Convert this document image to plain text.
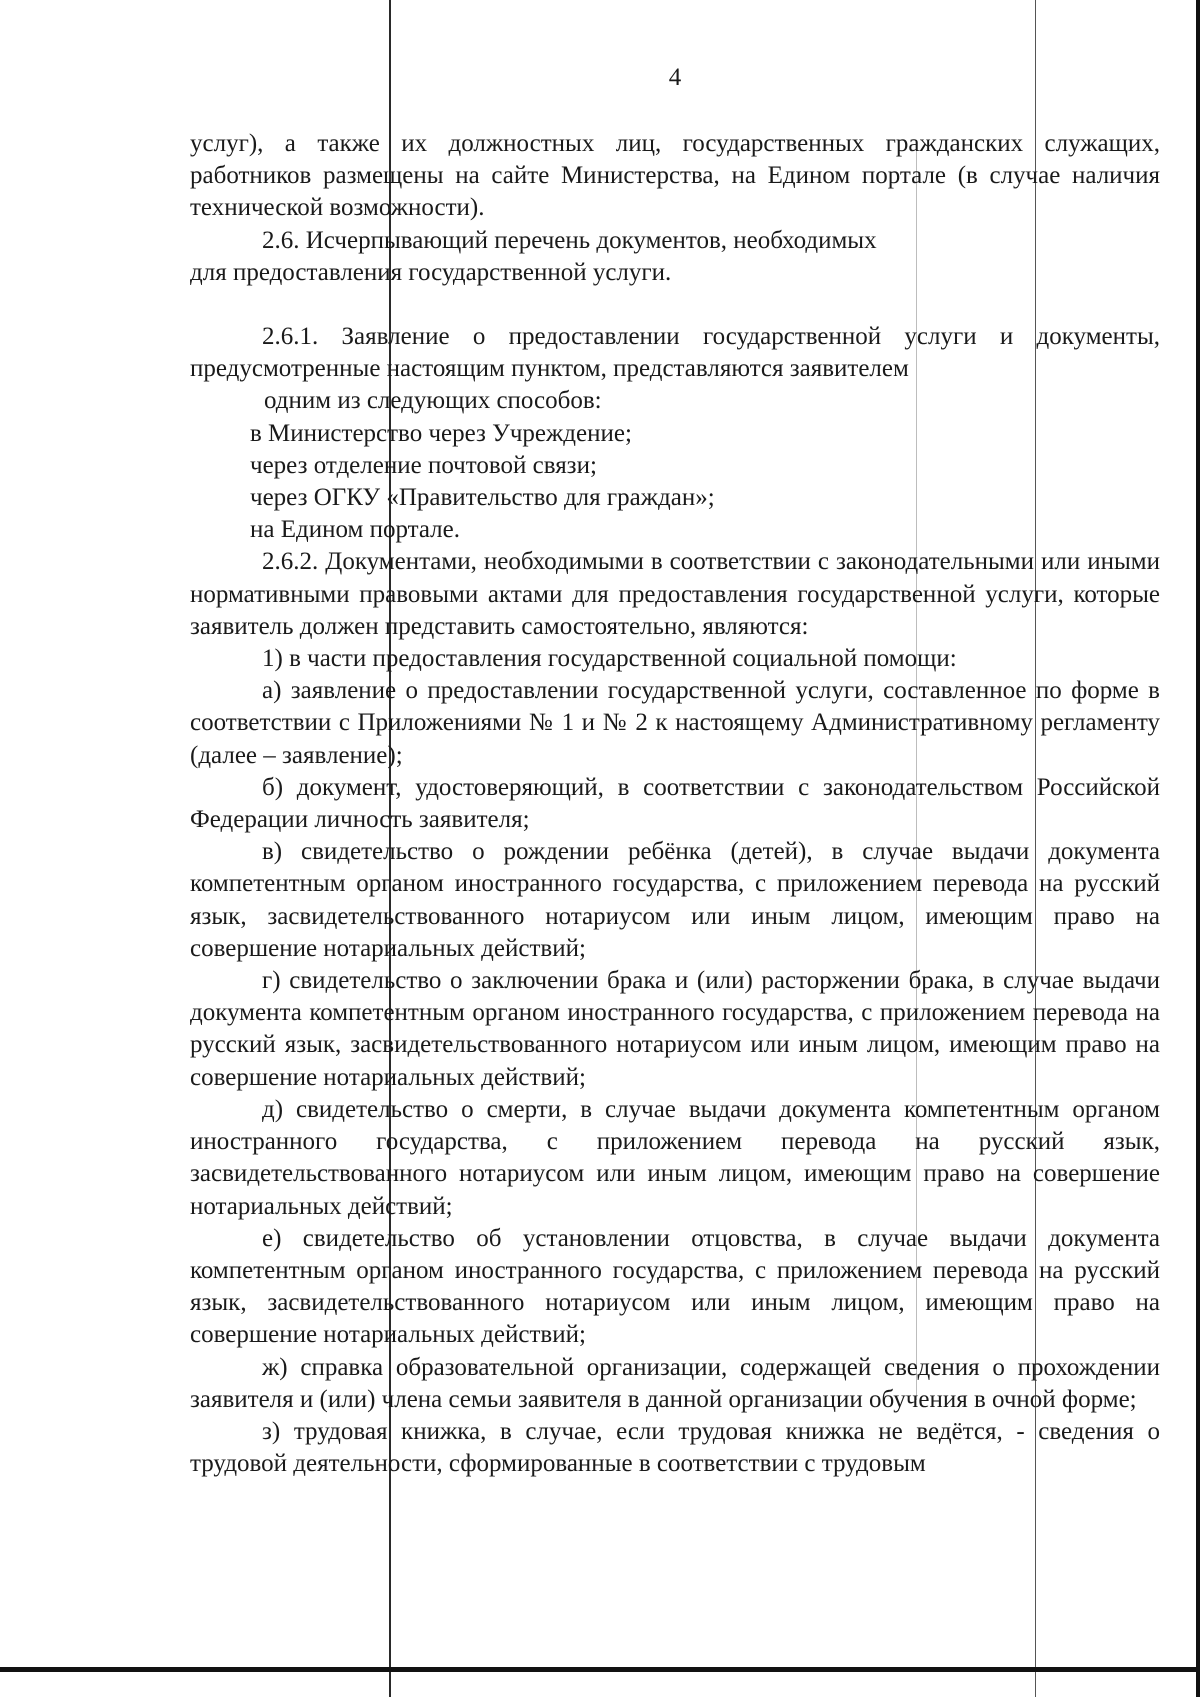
4

услуг), а также их должностных лиц, государственных гражданских служащих, работников размещены на сайте Министерства, на Едином портале (в случае наличия технической возможности).

2.6. Исчерпывающий перечень документов, необходимых

для предоставления государственной услуги.

2.6.1. Заявление о предоставлении государственной услуги и документы, предусмотренные настоящим пунктом, представляются заявителем

одним из следующих способов:

в Министерство через Учреждение;

через отделение почтовой связи;

через ОГКУ «Правительство для граждан»;

на Едином портале.

2.6.2. Документами, необходимыми в соответствии с законодательными или иными нормативными правовыми актами для предоставления государственной услуги, которые заявитель должен представить самостоятельно, являются:

1) в части предоставления государственной социальной помощи:

а) заявление о предоставлении государственной услуги, составленное по форме в соответствии с Приложениями № 1 и № 2 к настоящему Административному регламенту (далее – заявление);

б) документ, удостоверяющий, в соответствии с законодательством Российской Федерации личность заявителя;

в) свидетельство о рождении ребёнка (детей), в случае выдачи документа компетентным органом иностранного государства, с приложением перевода на русский язык, засвидетельствованного нотариусом или иным лицом, имеющим право на совершение нотариальных действий;

г) свидетельство о заключении брака и (или) расторжении брака, в случае выдачи документа компетентным органом иностранного государства, с приложением перевода на русский язык, засвидетельствованного нотариусом или иным лицом, имеющим право на совершение нотариальных действий;

д) свидетельство о смерти, в случае выдачи документа компетентным органом иностранного государства, с приложением перевода на русский язык, засвидетельствованного нотариусом или иным лицом, имеющим право на совершение нотариальных действий;

е) свидетельство об установлении отцовства, в случае выдачи документа компетентным органом иностранного государства, с приложением перевода на русский язык, засвидетельствованного нотариусом или иным лицом, имеющим право на совершение нотариальных действий;

ж) справка образовательной организации, содержащей сведения о прохождении заявителя и (или) члена семьи заявителя в данной организации обучения в очной форме;

з) трудовая книжка, в случае, если трудовая книжка не ведётся, - сведения о трудовой деятельности, сформированные в соответствии с трудовым
